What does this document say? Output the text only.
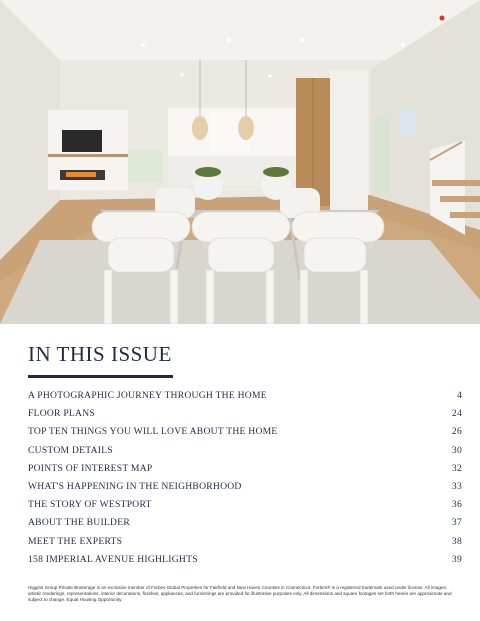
IN THIS ISSUE
A PHOTOGRAPHIC JOURNEY THROUGH THE HOME	4
FLOOR PLANS	24
TOP TEN THINGS YOU WILL LOVE ABOUT THE HOME	26
CUSTOM DETAILS	30
POINTS OF INTEREST MAP	32
WHAT'S HAPPENING IN THE NEIGHBORHOOD	33
THE STORY OF WESTPORT	36
ABOUT THE BUILDER	37
MEET THE EXPERTS	38
158 IMPERIAL AVENUE HIGHLIGHTS	39

Higgins Group Private Brokerage is an exclusive member of Forbes Global Properties for Fairfield and New Haven Counties in Connecticut. Forbes® is a registered trademark used under license. All images, artistic renderings, representations, interior decorations, finishes, appliances, and furnishings are provided for illustrative purposes only. All dimensions and square footages set forth herein are approximate and subject to change. Equal Housing Opportunity.
